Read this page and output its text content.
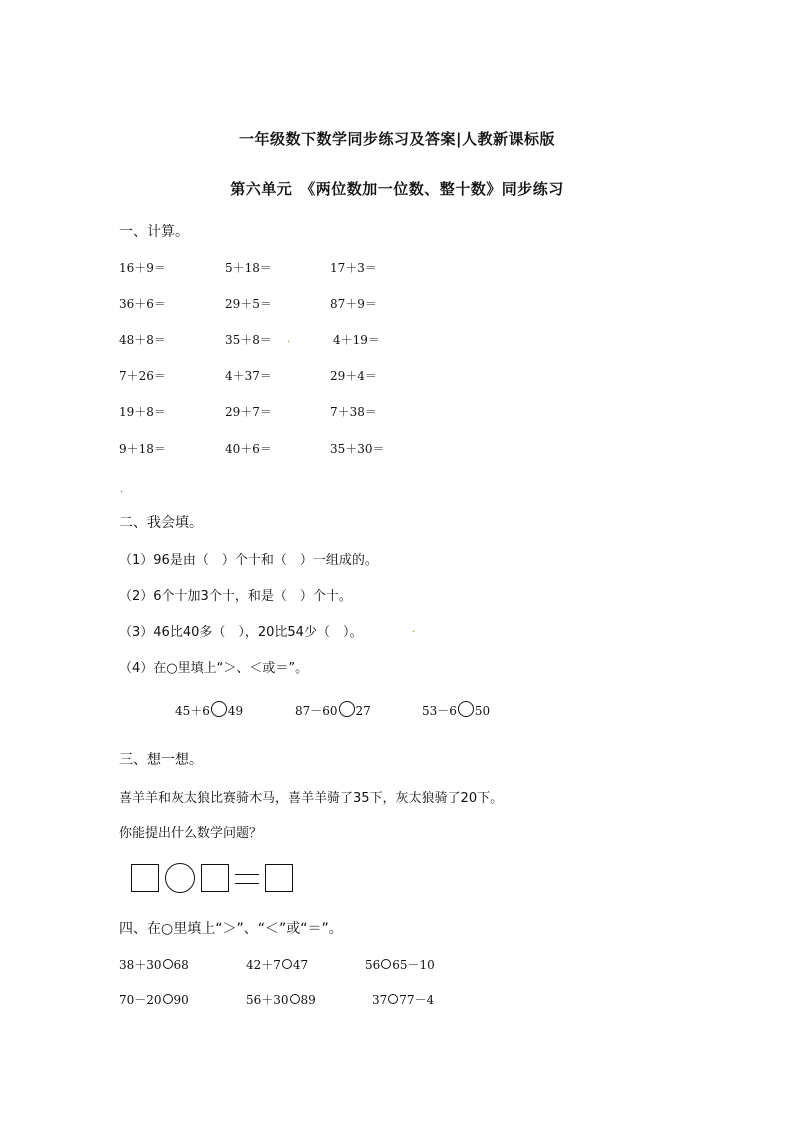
一年级数下数学同步练习及答案|人教新课标版
第六单元　《两位数加一位数、整十数》同步练习
一、计算。
16＋9＝	5＋18＝	17＋3＝
36＋6＝	29＋5＝	87＋9＝
48＋8＝	35＋8＝	4＋19＝
7＋26＝	4＋37＝	29＋4＝
19＋8＝	29＋7＝	7＋38＝
9＋18＝	40＋6＝	35＋30＝
.
.
二、我会填。
（1）96是由（　）个十和（　）一组成的。
（2）6个十加3个十，和是（　）个十。
（3）46比40多（　），20比54少（　）。	.
（4）在○里填上“＞、＜或＝”。
45＋6 49	87－60 27	53－6 50
三、想一想。
喜羊羊和灰太狼比赛骑木马，喜羊羊骑了35下，灰太狼骑了20下。
你能提出什么数学问题？
四、在○里填上“＞”、“＜”或“＝”。
38＋30 68	42＋7 47	56 65－10
70－20 90	56＋30 89	37 77－4
